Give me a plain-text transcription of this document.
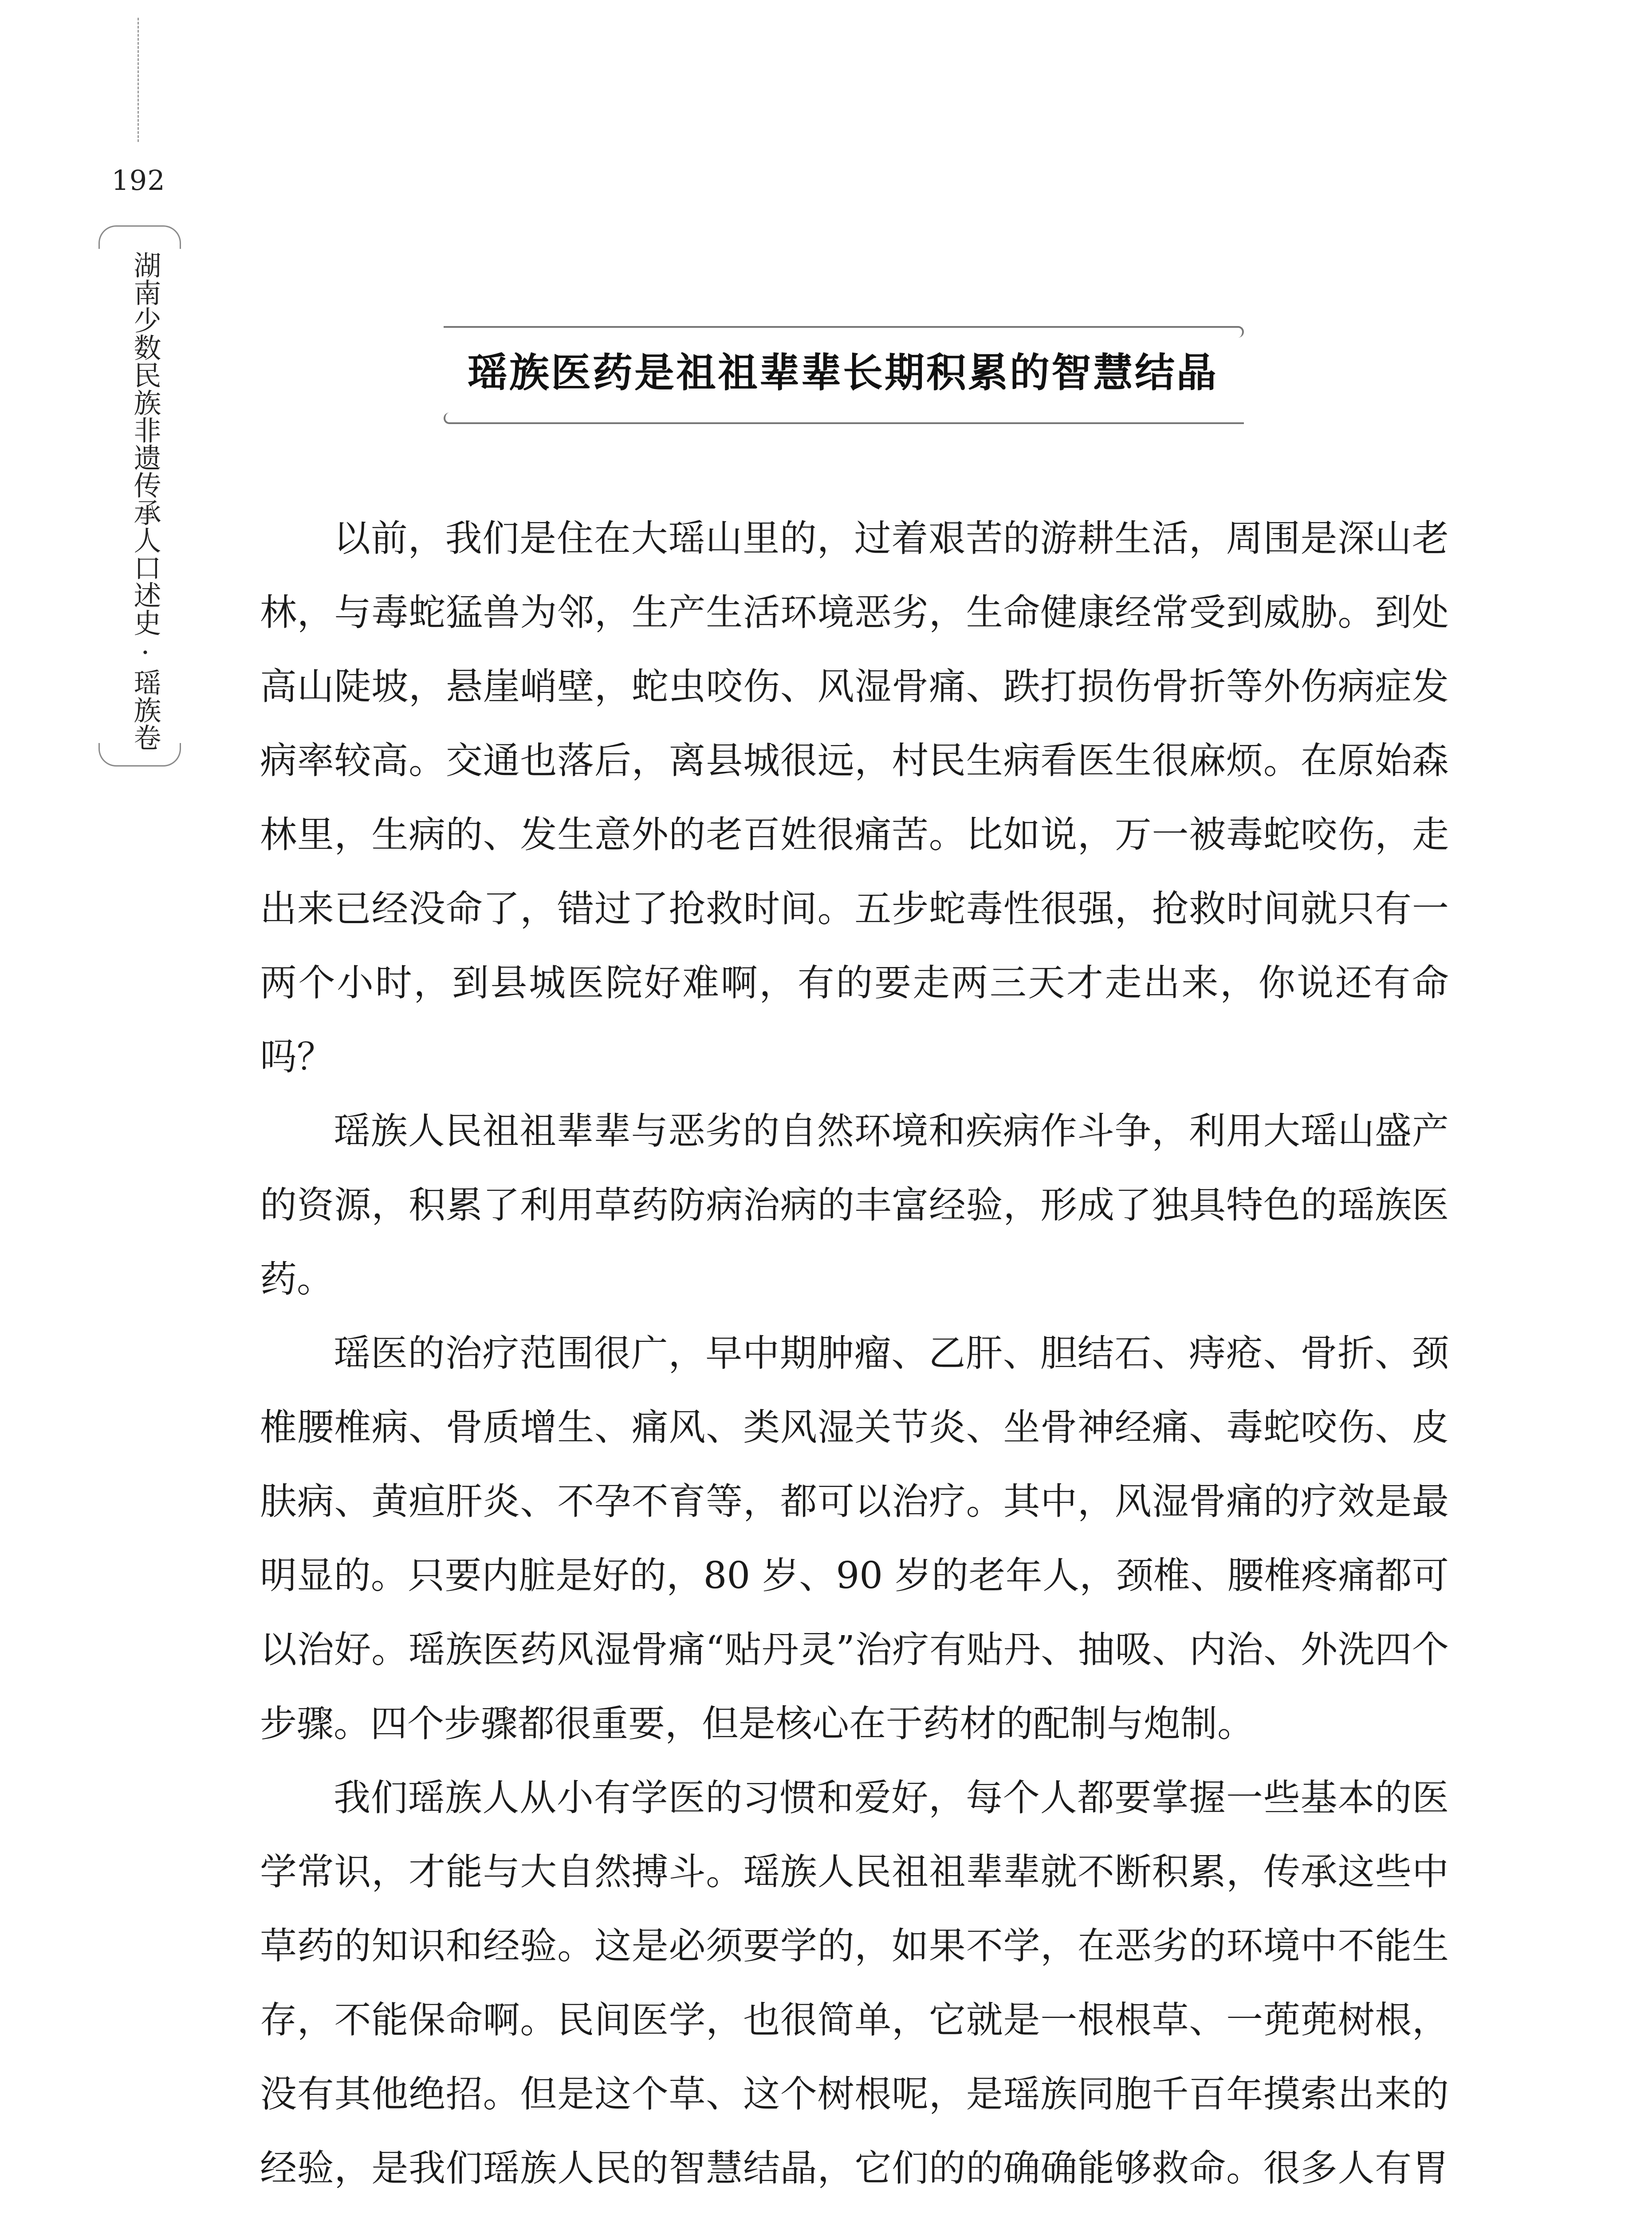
192
湖南少数民族非遗传承人口述史·瑶族卷	瑶族医药是祖祖辈辈长期积累的智慧结晶

以前，我们是住在大瑶山里的，过着艰苦的游耕生活，周围是深山老林，与毒蛇猛兽为邻，生产生活环境恶劣，生命健康经常受到威胁。到处高山陡坡，悬崖峭壁，蛇虫咬伤、风湿骨痛、跌打损伤骨折等外伤病症发病率较高。交通也落后，离县城很远，村民生病看医生很麻烦。在原始森林里，生病的、发生意外的老百姓很痛苦。比如说，万一被毒蛇咬伤，走出来已经没命了，错过了抢救时间。五步蛇毒性很强，抢救时间就只有一两个小时，到县城医院好难啊，有的要走两三天才走出来，你说还有命吗？

瑶族人民祖祖辈辈与恶劣的自然环境和疾病作斗争，利用大瑶山盛产的资源，积累了利用草药防病治病的丰富经验，形成了独具特色的瑶族医药。

瑶医的治疗范围很广，早中期肿瘤、乙肝、胆结石、痔疮、骨折、颈椎腰椎病、骨质增生、痛风、类风湿关节炎、坐骨神经痛、毒蛇咬伤、皮肤病、黄疸肝炎、不孕不育等，都可以治疗。其中，风湿骨痛的疗效是最明显的。只要内脏是好的，80 岁、90 岁的老年人，颈椎、腰椎疼痛都可以治好。瑶族医药风湿骨痛“贴丹灵”治疗有贴丹、抽吸、内治、外洗四个步骤。四个步骤都很重要，但是核心在于药材的配制与炮制。

我们瑶族人从小有学医的习惯和爱好，每个人都要掌握一些基本的医学常识，才能与大自然搏斗。瑶族人民祖祖辈辈就不断积累，传承这些中草药的知识和经验。这是必须要学的，如果不学，在恶劣的环境中不能生存，不能保命啊。民间医学，也很简单，它就是一根根草、一蔸蔸树根，没有其他绝招。但是这个草、这个树根呢，是瑶族同胞千百年摸索出来的经验，是我们瑶族人民的智慧结晶，它们的的确确能够救命。很多人有胃
